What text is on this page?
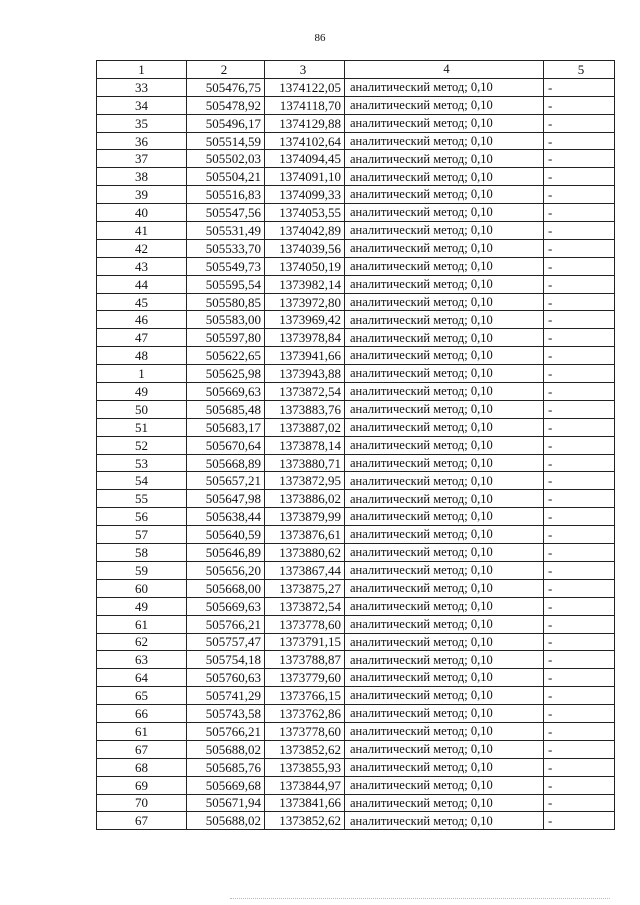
86
1	2	3	4	5
33	505476,75	1374122,05	аналитический метод; 0,10	-
34	505478,92	1374118,70	аналитический метод; 0,10	-
35	505496,17	1374129,88	аналитический метод; 0,10	-
36	505514,59	1374102,64	аналитический метод; 0,10	-
37	505502,03	1374094,45	аналитический метод; 0,10	-
38	505504,21	1374091,10	аналитический метод; 0,10	-
39	505516,83	1374099,33	аналитический метод; 0,10	-
40	505547,56	1374053,55	аналитический метод; 0,10	-
41	505531,49	1374042,89	аналитический метод; 0,10	-
42	505533,70	1374039,56	аналитический метод; 0,10	-
43	505549,73	1374050,19	аналитический метод; 0,10	-
44	505595,54	1373982,14	аналитический метод; 0,10	-
45	505580,85	1373972,80	аналитический метод; 0,10	-
46	505583,00	1373969,42	аналитический метод; 0,10	-
47	505597,80	1373978,84	аналитический метод; 0,10	-
48	505622,65	1373941,66	аналитический метод; 0,10	-
1	505625,98	1373943,88	аналитический метод; 0,10	-
49	505669,63	1373872,54	аналитический метод; 0,10	-
50	505685,48	1373883,76	аналитический метод; 0,10	-
51	505683,17	1373887,02	аналитический метод; 0,10	-
52	505670,64	1373878,14	аналитический метод; 0,10	-
53	505668,89	1373880,71	аналитический метод; 0,10	-
54	505657,21	1373872,95	аналитический метод; 0,10	-
55	505647,98	1373886,02	аналитический метод; 0,10	-
56	505638,44	1373879,99	аналитический метод; 0,10	-
57	505640,59	1373876,61	аналитический метод; 0,10	-
58	505646,89	1373880,62	аналитический метод; 0,10	-
59	505656,20	1373867,44	аналитический метод; 0,10	-
60	505668,00	1373875,27	аналитический метод; 0,10	-
49	505669,63	1373872,54	аналитический метод; 0,10	-
61	505766,21	1373778,60	аналитический метод; 0,10	-
62	505757,47	1373791,15	аналитический метод; 0,10	-
63	505754,18	1373788,87	аналитический метод; 0,10	-
64	505760,63	1373779,60	аналитический метод; 0,10	-
65	505741,29	1373766,15	аналитический метод; 0,10	-
66	505743,58	1373762,86	аналитический метод; 0,10	-
61	505766,21	1373778,60	аналитический метод; 0,10	-
67	505688,02	1373852,62	аналитический метод; 0,10	-
68	505685,76	1373855,93	аналитический метод; 0,10	-
69	505669,68	1373844,97	аналитический метод; 0,10	-
70	505671,94	1373841,66	аналитический метод; 0,10	-
67	505688,02	1373852,62	аналитический метод; 0,10	-
